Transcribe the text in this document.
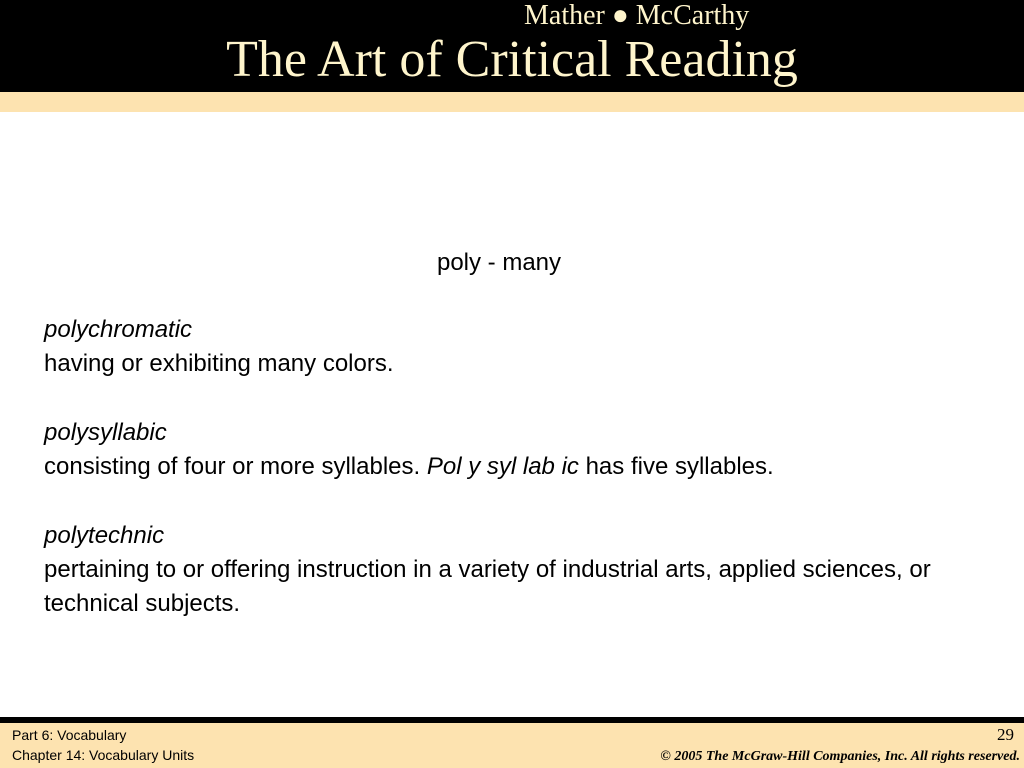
Mather ● McCarthy
The Art of Critical Reading
poly - many
polychromatic
having or exhibiting many colors.
polysyllabic
consisting of four or more syllables. Pol y syl lab ic has five syllables.
polytechnic
pertaining to or offering instruction in a variety of industrial arts, applied sciences, or technical subjects.
Part 6: Vocabulary
Chapter 14: Vocabulary Units
29
© 2005 The McGraw-Hill Companies, Inc. All rights reserved.
